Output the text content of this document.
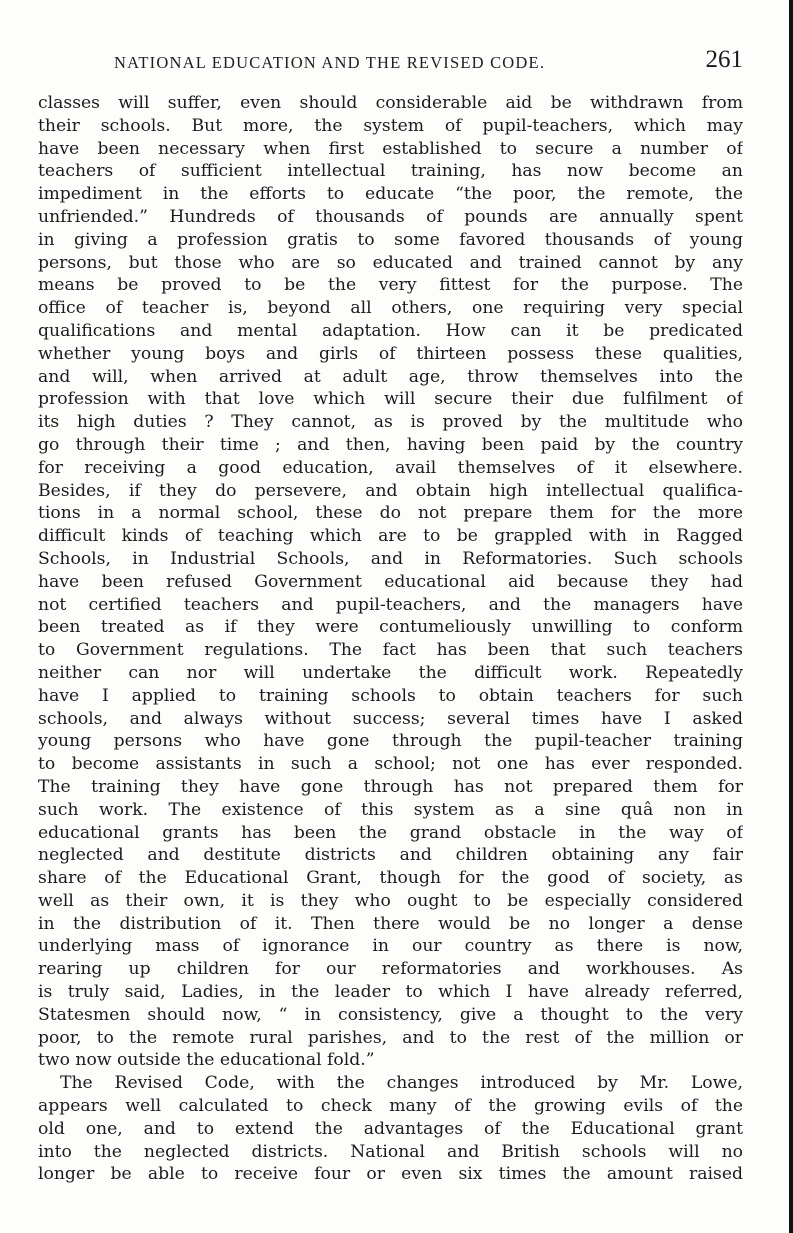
NATIONAL EDUCATION AND THE REVISED CODE.	261
classes will suffer, even should considerable aid be withdrawn from
their schools. But more, the system of pupil-teachers, which may
have been necessary when first established to secure a number of
teachers of sufficient intellectual training, has now become an
impediment in the efforts to educate “the poor, the remote, the
unfriended.” Hundreds of thousands of pounds are annually spent
in giving a profession gratis to some favored thousands of young
persons, but those who are so educated and trained cannot by any
means be proved to be the very fittest for the purpose. The
office of teacher is, beyond all others, one requiring very special
qualifications and mental adaptation. How can it be predicated
whether young boys and girls of thirteen possess these qualities,
and will, when arrived at adult age, throw themselves into the
profession with that love which will secure their due fulfilment of
its high duties ? They cannot, as is proved by the multitude who
go through their time ; and then, having been paid by the country
for receiving a good education, avail themselves of it elsewhere.
Besides, if they do persevere, and obtain high intellectual qualifica-
tions in a normal school, these do not prepare them for the more
difficult kinds of teaching which are to be grappled with in Ragged
Schools, in Industrial Schools, and in Reformatories. Such schools
have been refused Government educational aid because they had
not certified teachers and pupil-teachers, and the managers have
been treated as if they were contumeliously unwilling to conform
to Government regulations. The fact has been that such teachers
neither can nor will undertake the difficult work. Repeatedly
have I applied to training schools to obtain teachers for such
schools, and always without success; several times have I asked
young persons who have gone through the pupil-teacher training
to become assistants in such a school; not one has ever responded.
The training they have gone through has not prepared them for
such work. The existence of this system as a sine quâ non in
educational grants has been the grand obstacle in the way of
neglected and destitute districts and children obtaining any fair
share of the Educational Grant, though for the good of society, as
well as their own, it is they who ought to be especially considered
in the distribution of it. Then there would be no longer a dense
underlying mass of ignorance in our country as there is now,
rearing up children for our reformatories and workhouses. As
is truly said, Ladies, in the leader to which I have already referred,
Statesmen should now, “ in consistency, give a thought to the very
poor, to the remote rural parishes, and to the rest of the million or
two now outside the educational fold.”
The Revised Code, with the changes introduced by Mr. Lowe,
appears well calculated to check many of the growing evils of the
old one, and to extend the advantages of the Educational grant
into the neglected districts. National and British schools will no
longer be able to receive four or even six times the amount raised
